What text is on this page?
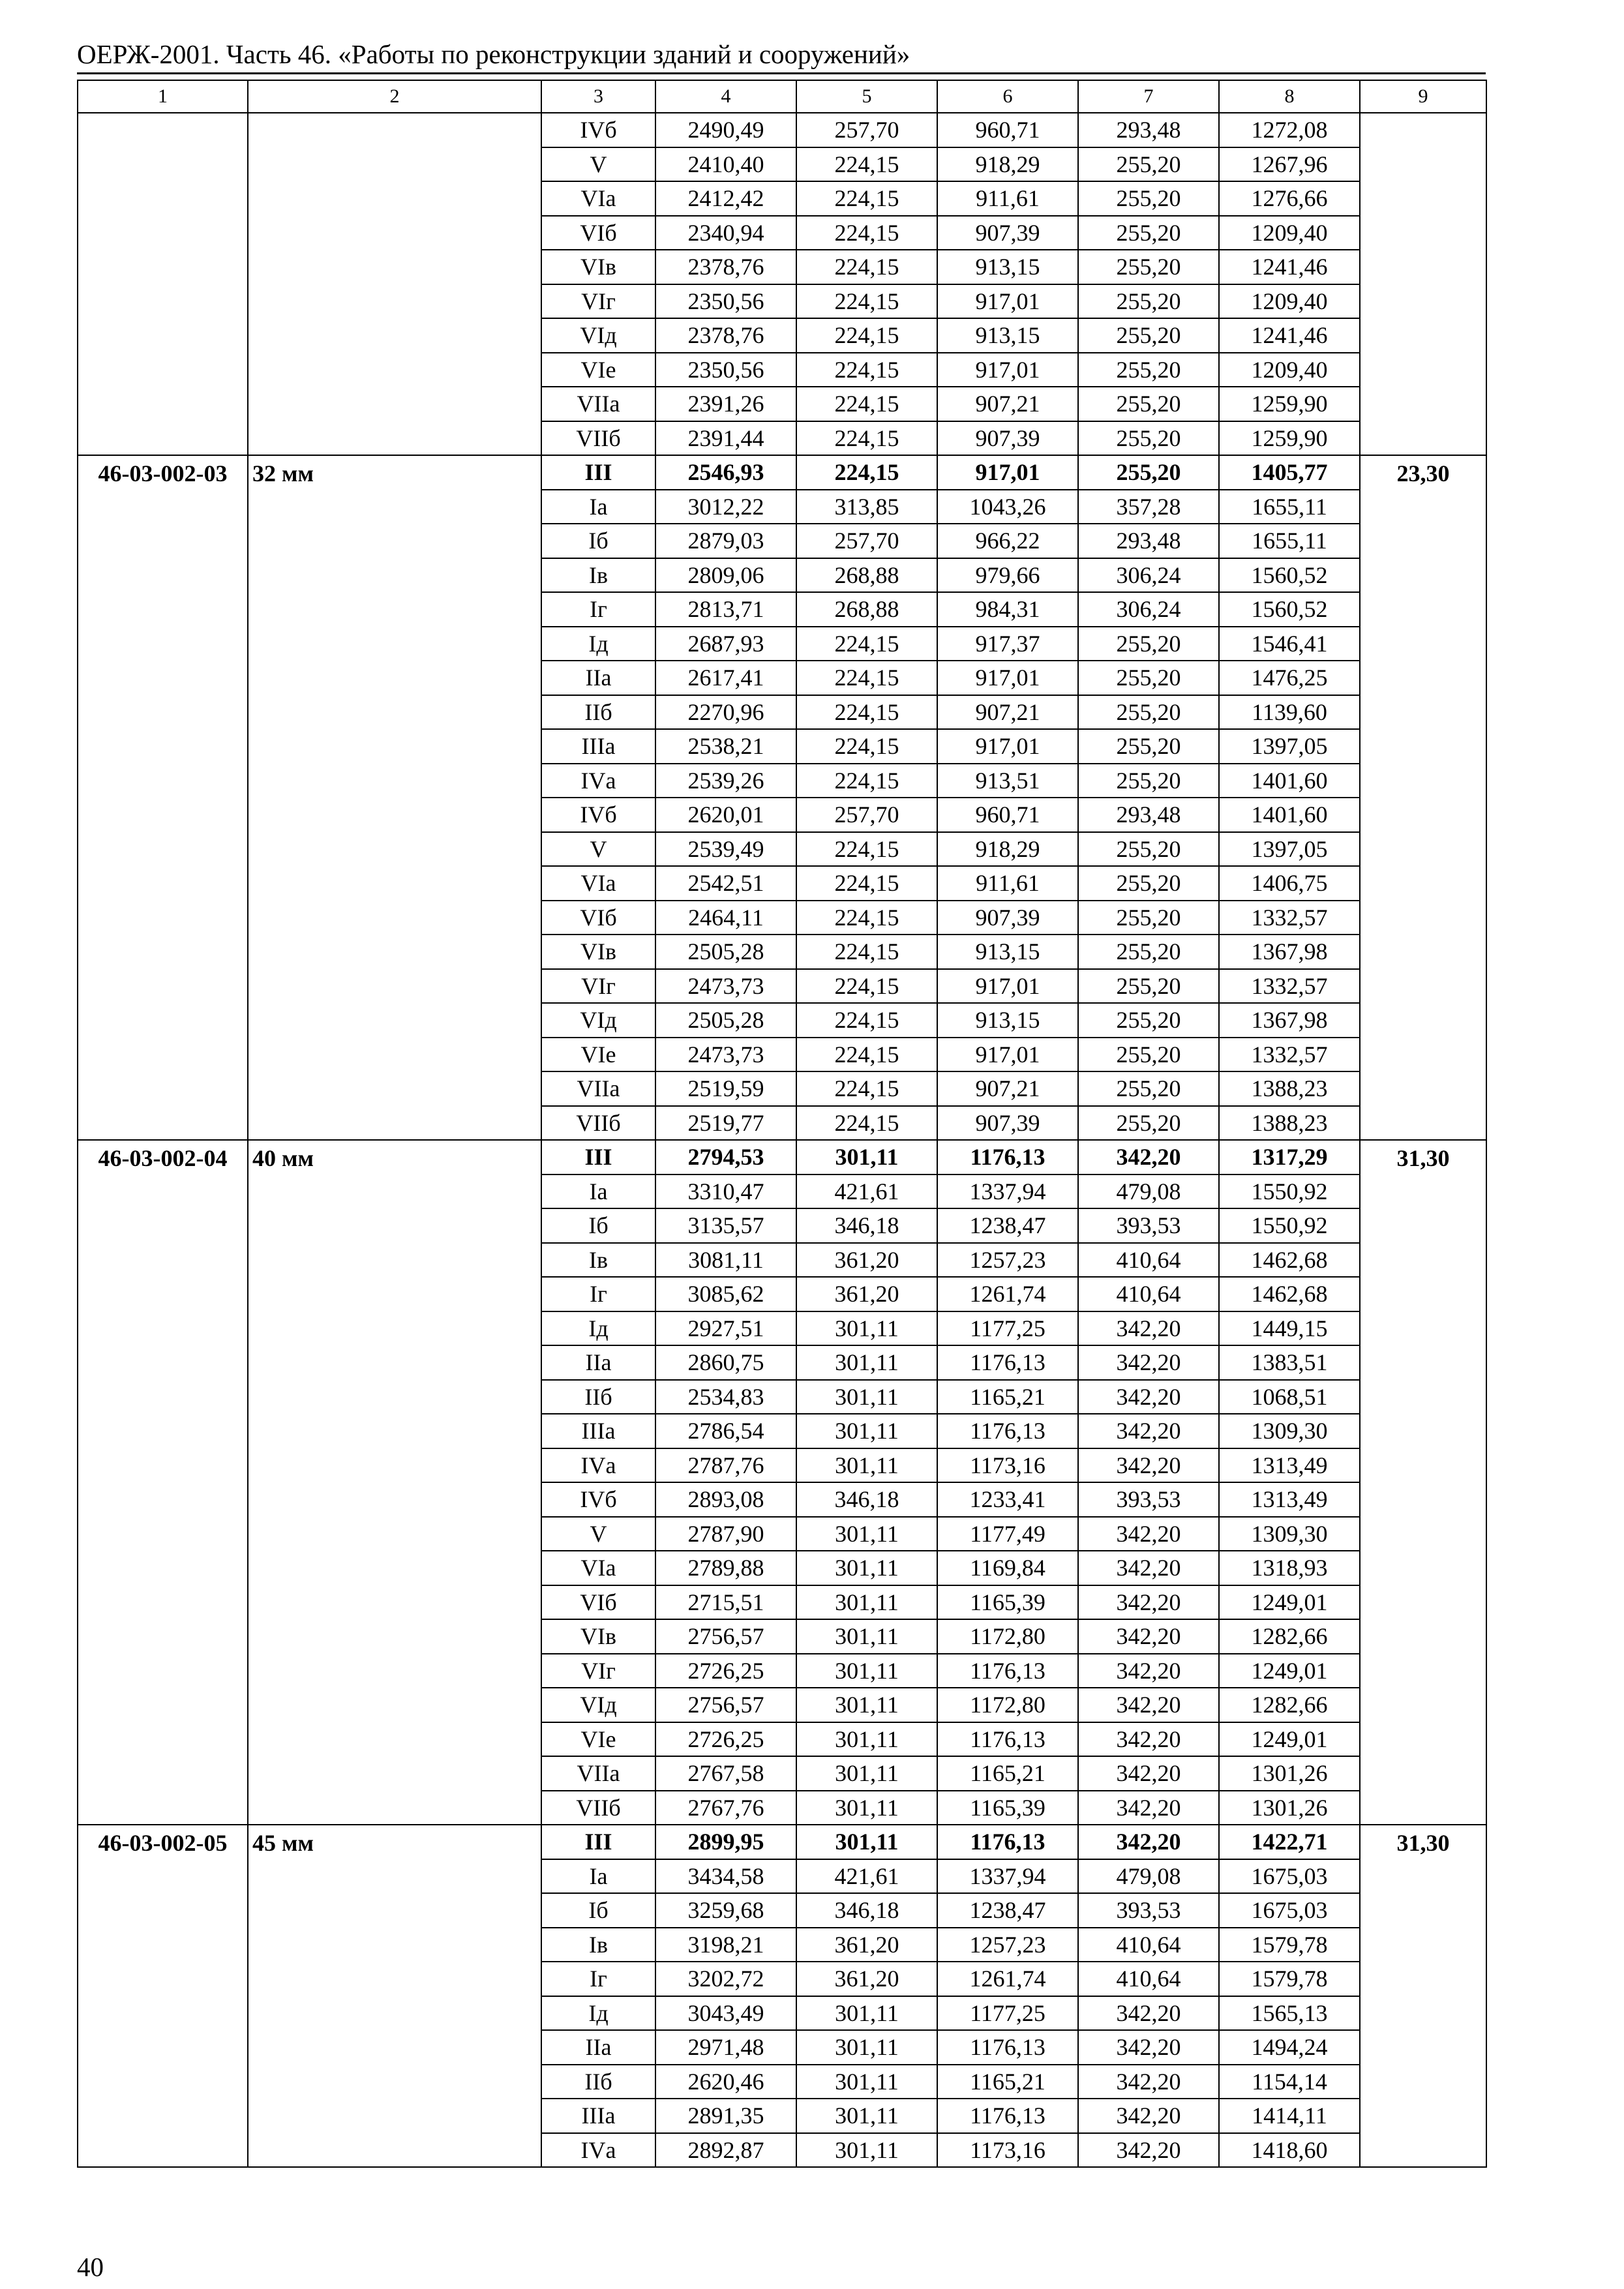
ОЕРЖ-2001. Часть 46. «Работы по реконструкции зданий и сооружений»
1	2	3	4	5	6	7	8	9
		IVб	2490,49	257,70	960,71	293,48	1272,08	
		V	2410,40	224,15	918,29	255,20	1267,96	
		VIа	2412,42	224,15	911,61	255,20	1276,66	
		VIб	2340,94	224,15	907,39	255,20	1209,40	
		VIв	2378,76	224,15	913,15	255,20	1241,46	
		VIг	2350,56	224,15	917,01	255,20	1209,40	
		VIд	2378,76	224,15	913,15	255,20	1241,46	
		VIе	2350,56	224,15	917,01	255,20	1209,40	
		VIIа	2391,26	224,15	907,21	255,20	1259,90	
		VIIб	2391,44	224,15	907,39	255,20	1259,90	
46-03-002-03	32 мм	III	2546,93	224,15	917,01	255,20	1405,77	23,30
		Iа	3012,22	313,85	1043,26	357,28	1655,11	
		Iб	2879,03	257,70	966,22	293,48	1655,11	
		Iв	2809,06	268,88	979,66	306,24	1560,52	
		Iг	2813,71	268,88	984,31	306,24	1560,52	
		Iд	2687,93	224,15	917,37	255,20	1546,41	
		IIа	2617,41	224,15	917,01	255,20	1476,25	
		IIб	2270,96	224,15	907,21	255,20	1139,60	
		IIIа	2538,21	224,15	917,01	255,20	1397,05	
		IVа	2539,26	224,15	913,51	255,20	1401,60	
		IVб	2620,01	257,70	960,71	293,48	1401,60	
		V	2539,49	224,15	918,29	255,20	1397,05	
		VIа	2542,51	224,15	911,61	255,20	1406,75	
		VIб	2464,11	224,15	907,39	255,20	1332,57	
		VIв	2505,28	224,15	913,15	255,20	1367,98	
		VIг	2473,73	224,15	917,01	255,20	1332,57	
		VIд	2505,28	224,15	913,15	255,20	1367,98	
		VIе	2473,73	224,15	917,01	255,20	1332,57	
		VIIа	2519,59	224,15	907,21	255,20	1388,23	
		VIIб	2519,77	224,15	907,39	255,20	1388,23	
46-03-002-04	40 мм	III	2794,53	301,11	1176,13	342,20	1317,29	31,30
		Iа	3310,47	421,61	1337,94	479,08	1550,92	
		Iб	3135,57	346,18	1238,47	393,53	1550,92	
		Iв	3081,11	361,20	1257,23	410,64	1462,68	
		Iг	3085,62	361,20	1261,74	410,64	1462,68	
		Iд	2927,51	301,11	1177,25	342,20	1449,15	
		IIа	2860,75	301,11	1176,13	342,20	1383,51	
		IIб	2534,83	301,11	1165,21	342,20	1068,51	
		IIIа	2786,54	301,11	1176,13	342,20	1309,30	
		IVа	2787,76	301,11	1173,16	342,20	1313,49	
		IVб	2893,08	346,18	1233,41	393,53	1313,49	
		V	2787,90	301,11	1177,49	342,20	1309,30	
		VIа	2789,88	301,11	1169,84	342,20	1318,93	
		VIб	2715,51	301,11	1165,39	342,20	1249,01	
		VIв	2756,57	301,11	1172,80	342,20	1282,66	
		VIг	2726,25	301,11	1176,13	342,20	1249,01	
		VIд	2756,57	301,11	1172,80	342,20	1282,66	
		VIе	2726,25	301,11	1176,13	342,20	1249,01	
		VIIа	2767,58	301,11	1165,21	342,20	1301,26	
		VIIб	2767,76	301,11	1165,39	342,20	1301,26	
46-03-002-05	45 мм	III	2899,95	301,11	1176,13	342,20	1422,71	31,30
		Iа	3434,58	421,61	1337,94	479,08	1675,03	
		Iб	3259,68	346,18	1238,47	393,53	1675,03	
		Iв	3198,21	361,20	1257,23	410,64	1579,78	
		Iг	3202,72	361,20	1261,74	410,64	1579,78	
		Iд	3043,49	301,11	1177,25	342,20	1565,13	
		IIа	2971,48	301,11	1176,13	342,20	1494,24	
		IIб	2620,46	301,11	1165,21	342,20	1154,14	
		IIIа	2891,35	301,11	1176,13	342,20	1414,11	
		IVа	2892,87	301,11	1173,16	342,20	1418,60	
40
